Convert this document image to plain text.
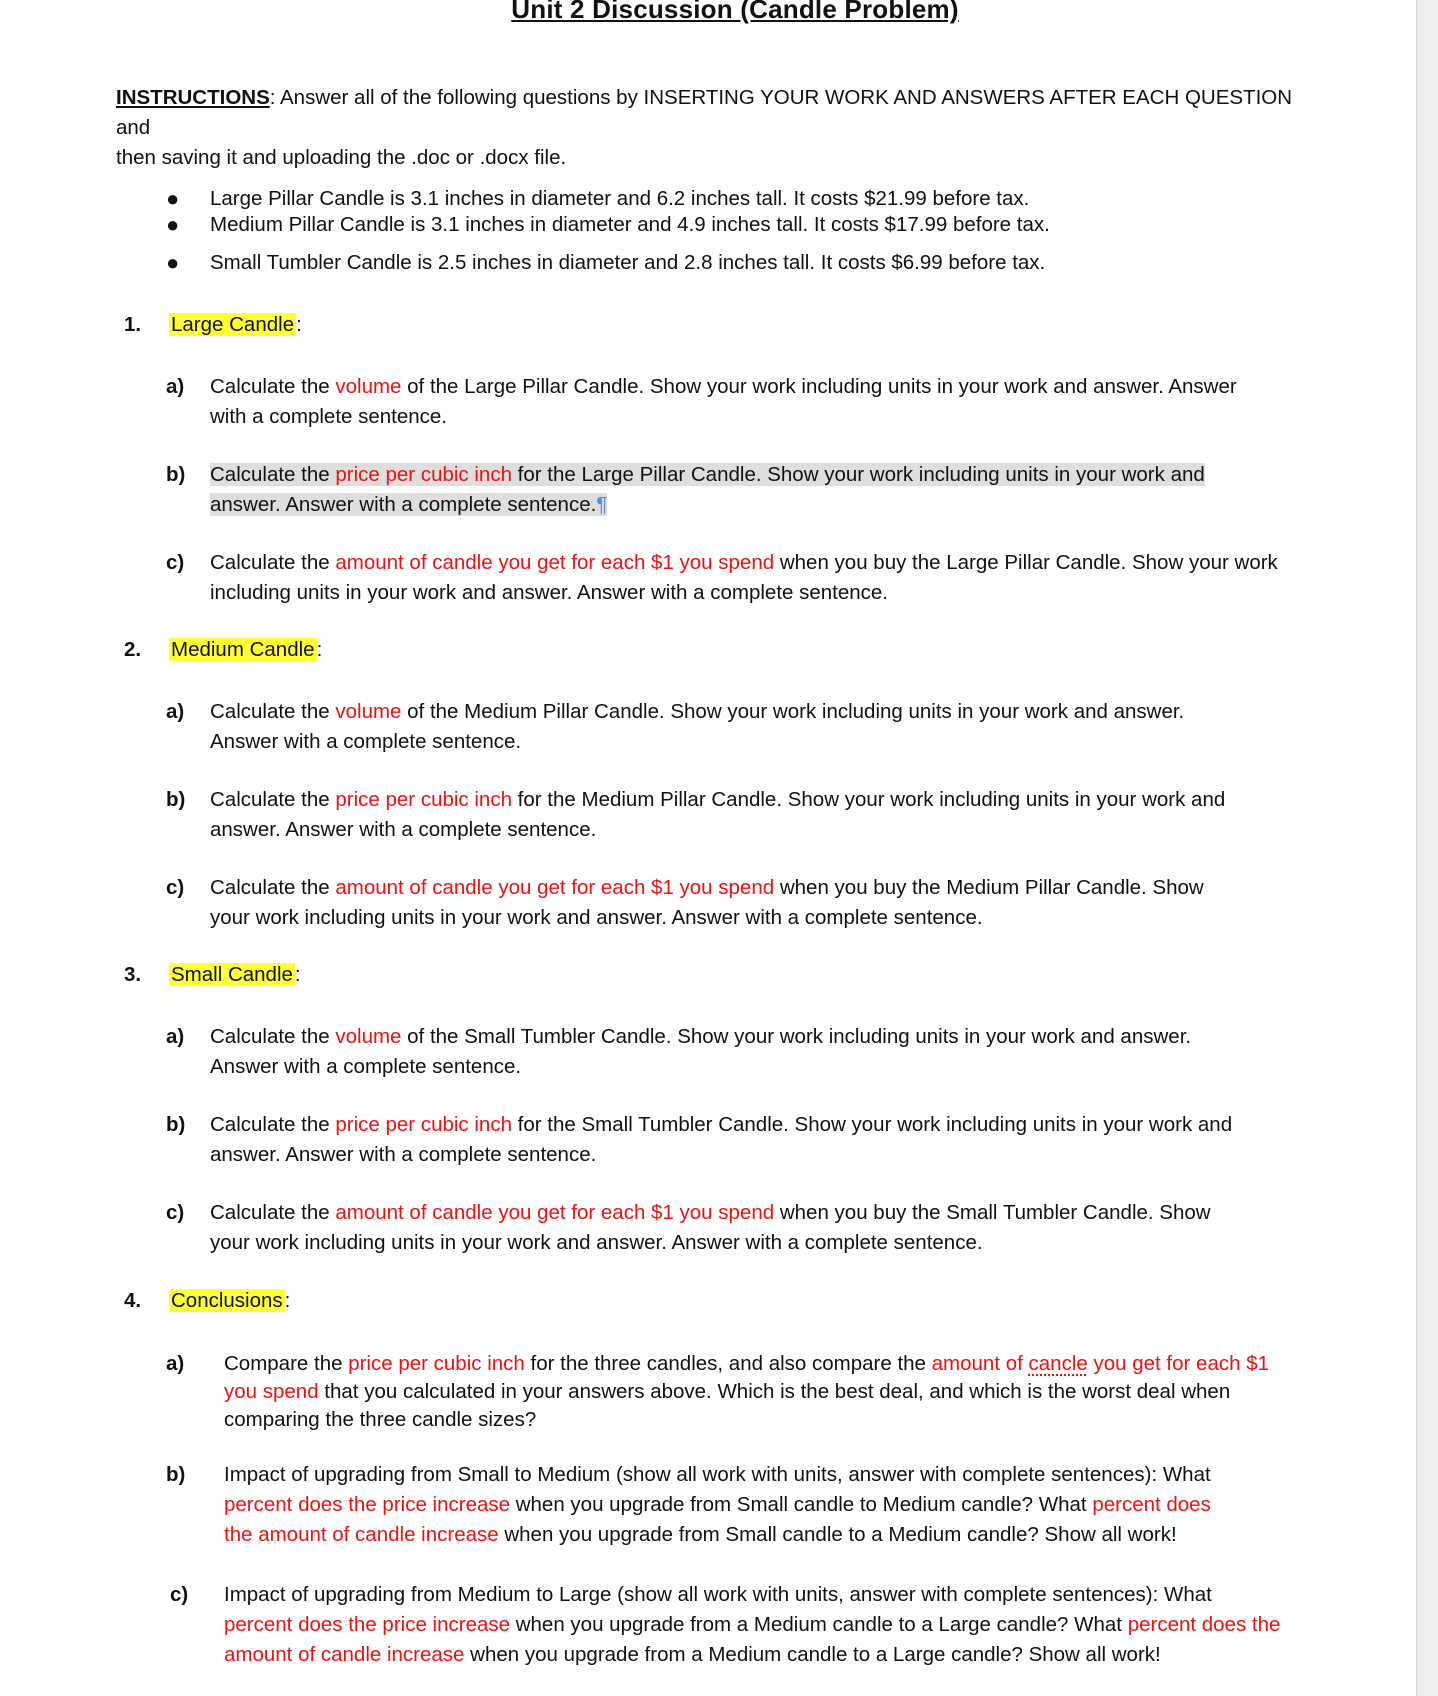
Unit 2 Discussion (Candle Problem)
INSTRUCTIONS: Answer all of the following questions by INSERTING YOUR WORK AND ANSWERS AFTER EACH QUESTION and
then saving it and uploading the .doc or .docx file.
● Large Pillar Candle is 3.1 inches in diameter and 6.2 inches tall. It costs $21.99 before tax.
● Medium Pillar Candle is 3.1 inches in diameter and 4.9 inches tall. It costs $17.99 before tax.
● Small Tumbler Candle is 2.5 inches in diameter and 2.8 inches tall. It costs $6.99 before tax.
1. Large Candle:
a) Calculate the volume of the Large Pillar Candle. Show your work including units in your work and answer. Answer
with a complete sentence.
b) Calculate the price per cubic inch for the Large Pillar Candle. Show your work including units in your work and
answer. Answer with a complete sentence.¶
c) Calculate the amount of candle you get for each $1 you spend when you buy the Large Pillar Candle. Show your work
including units in your work and answer. Answer with a complete sentence.
2. Medium Candle:
a) Calculate the volume of the Medium Pillar Candle. Show your work including units in your work and answer.
Answer with a complete sentence.
b) Calculate the price per cubic inch for the Medium Pillar Candle. Show your work including units in your work and
answer. Answer with a complete sentence.
c) Calculate the amount of candle you get for each $1 you spend when you buy the Medium Pillar Candle. Show
your work including units in your work and answer. Answer with a complete sentence.
3. Small Candle:
a) Calculate the volume of the Small Tumbler Candle. Show your work including units in your work and answer.
Answer with a complete sentence.
b) Calculate the price per cubic inch for the Small Tumbler Candle. Show your work including units in your work and
answer. Answer with a complete sentence.
c) Calculate the amount of candle you get for each $1 you spend when you buy the Small Tumbler Candle. Show
your work including units in your work and answer. Answer with a complete sentence.
4. Conclusions:
a) Compare the price per cubic inch for the three candles, and also compare the amount of cancle you get for each $1
you spend that you calculated in your answers above. Which is the best deal, and which is the worst deal when
comparing the three candle sizes?
b) Impact of upgrading from Small to Medium (show all work with units, answer with complete sentences): What
percent does the price increase when you upgrade from Small candle to Medium candle? What percent does
the amount of candle increase when you upgrade from Small candle to a Medium candle? Show all work!
c) Impact of upgrading from Medium to Large (show all work with units, answer with complete sentences): What
percent does the price increase when you upgrade from a Medium candle to a Large candle? What percent does the
amount of candle increase when you upgrade from a Medium candle to a Large candle? Show all work!
